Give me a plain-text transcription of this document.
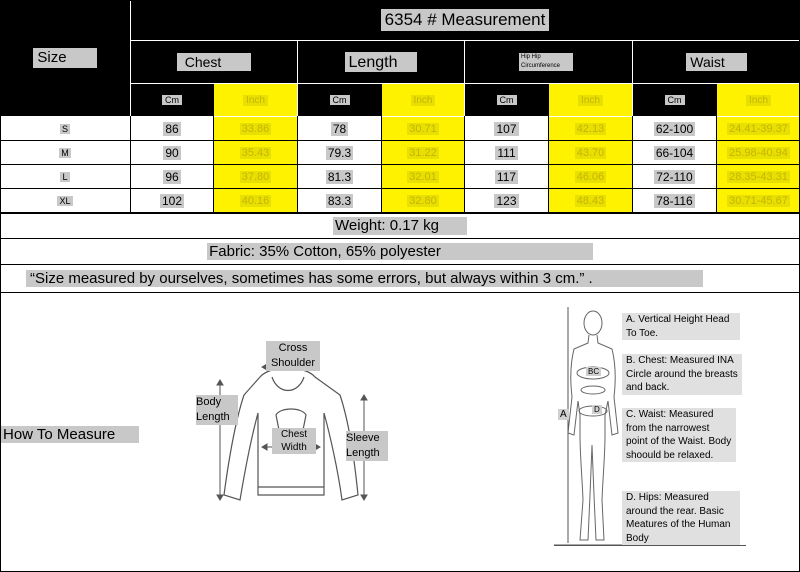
6354 # Measurement
Size	Chest	Length	Hip Hip Circumference	Waist
Cm	Inch	Cm	Inch	Cm	Inch	Cm	Inch
S	86	33.86	78	30.71	107	42.13	62-100	24.41-39.37
M	90	35.43	79.3	31.22	111	43.70	66-104	25.98-40.94
L	96	37.80	81.3	32.01	117	46.06	72-110	28.35-43.31
XL	102	40.16	83.3	32.80	123	48.43	78-116	30.71-45.67
Weight: 0.17 kg
Fabric: 35% Cotton, 65% polyester
“Size measured by ourselves, sometimes has some errors, but always within 3 cm.” .
How To Measure
Cross Shoulder
Body Length
Chest Width
Sleeve Length
A
BC
D
A. Vertical Height Head To Toe.
B. Chest: Measured INA Circle around the breasts and back.
C. Waist: Measured from the narrowest point of the Waist. Body shoould be relaxed.
D. Hips: Measured around the rear. Basic Meatures of the Human Body
